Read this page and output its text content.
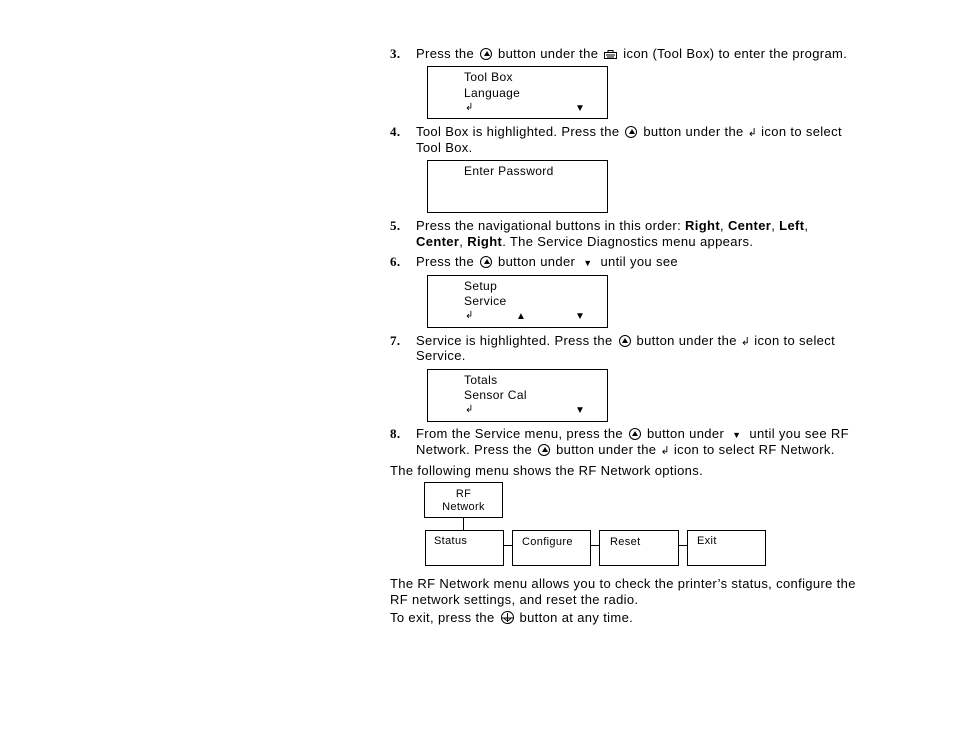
3. Press the button under the icon (Tool Box) to enter the program.
Tool Box
Language
↲	▼
4. Tool Box is highlighted. Press the button under the ↲ icon to select
Tool Box.
Enter Password
5. Press the navigational buttons in this order: Right, Center, Left,
Center, Right. The Service Diagnostics menu appears.
6. Press the button under ▼ until you see
Setup
Service
↲	▲	▼
7. Service is highlighted. Press the button under the ↲ icon to select
Service.
Totals
Sensor Cal
↲	▼
8. From the Service menu, press the button under ▼ until you see RF
Network. Press the button under the ↲ icon to select RF Network.
The following menu shows the RF Network options.
RF
Network
Status	Configure	Reset	Exit
The RF Network menu allows you to check the printer’s status, configure the
RF network settings, and reset the radio.
To exit, press the button at any time.
